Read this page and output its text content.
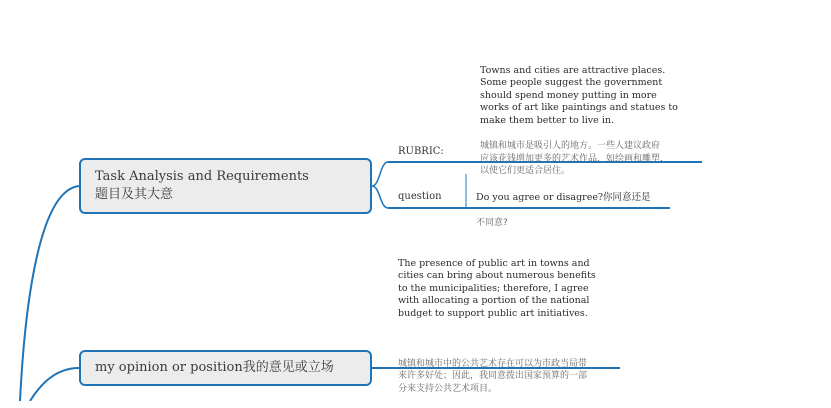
Task Analysis and Requirements
题目及其大意
my opinion or position我的意见或立场
RUBRIC:
question

Towns and cities are attractive places.
Some people suggest the government
should spend money putting in more
works of art like paintings and statues to
make them better to live in.

城镇和城市是吸引人的地方。一些人建议政府
应该花钱增加更多的艺术作品，如绘画和雕塑，
以使它们更适合居住。

Do you agree or disagree?你同意还是

不同意?

The presence of public art in towns and
cities can bring about numerous benefits
to the municipalities; therefore, I agree
with allocating a portion of the national
budget to support public art initiatives.

城镇和城市中的公共艺术存在可以为市政当局带
来许多好处；因此，我同意拨出国家预算的一部
分来支持公共艺术项目。
